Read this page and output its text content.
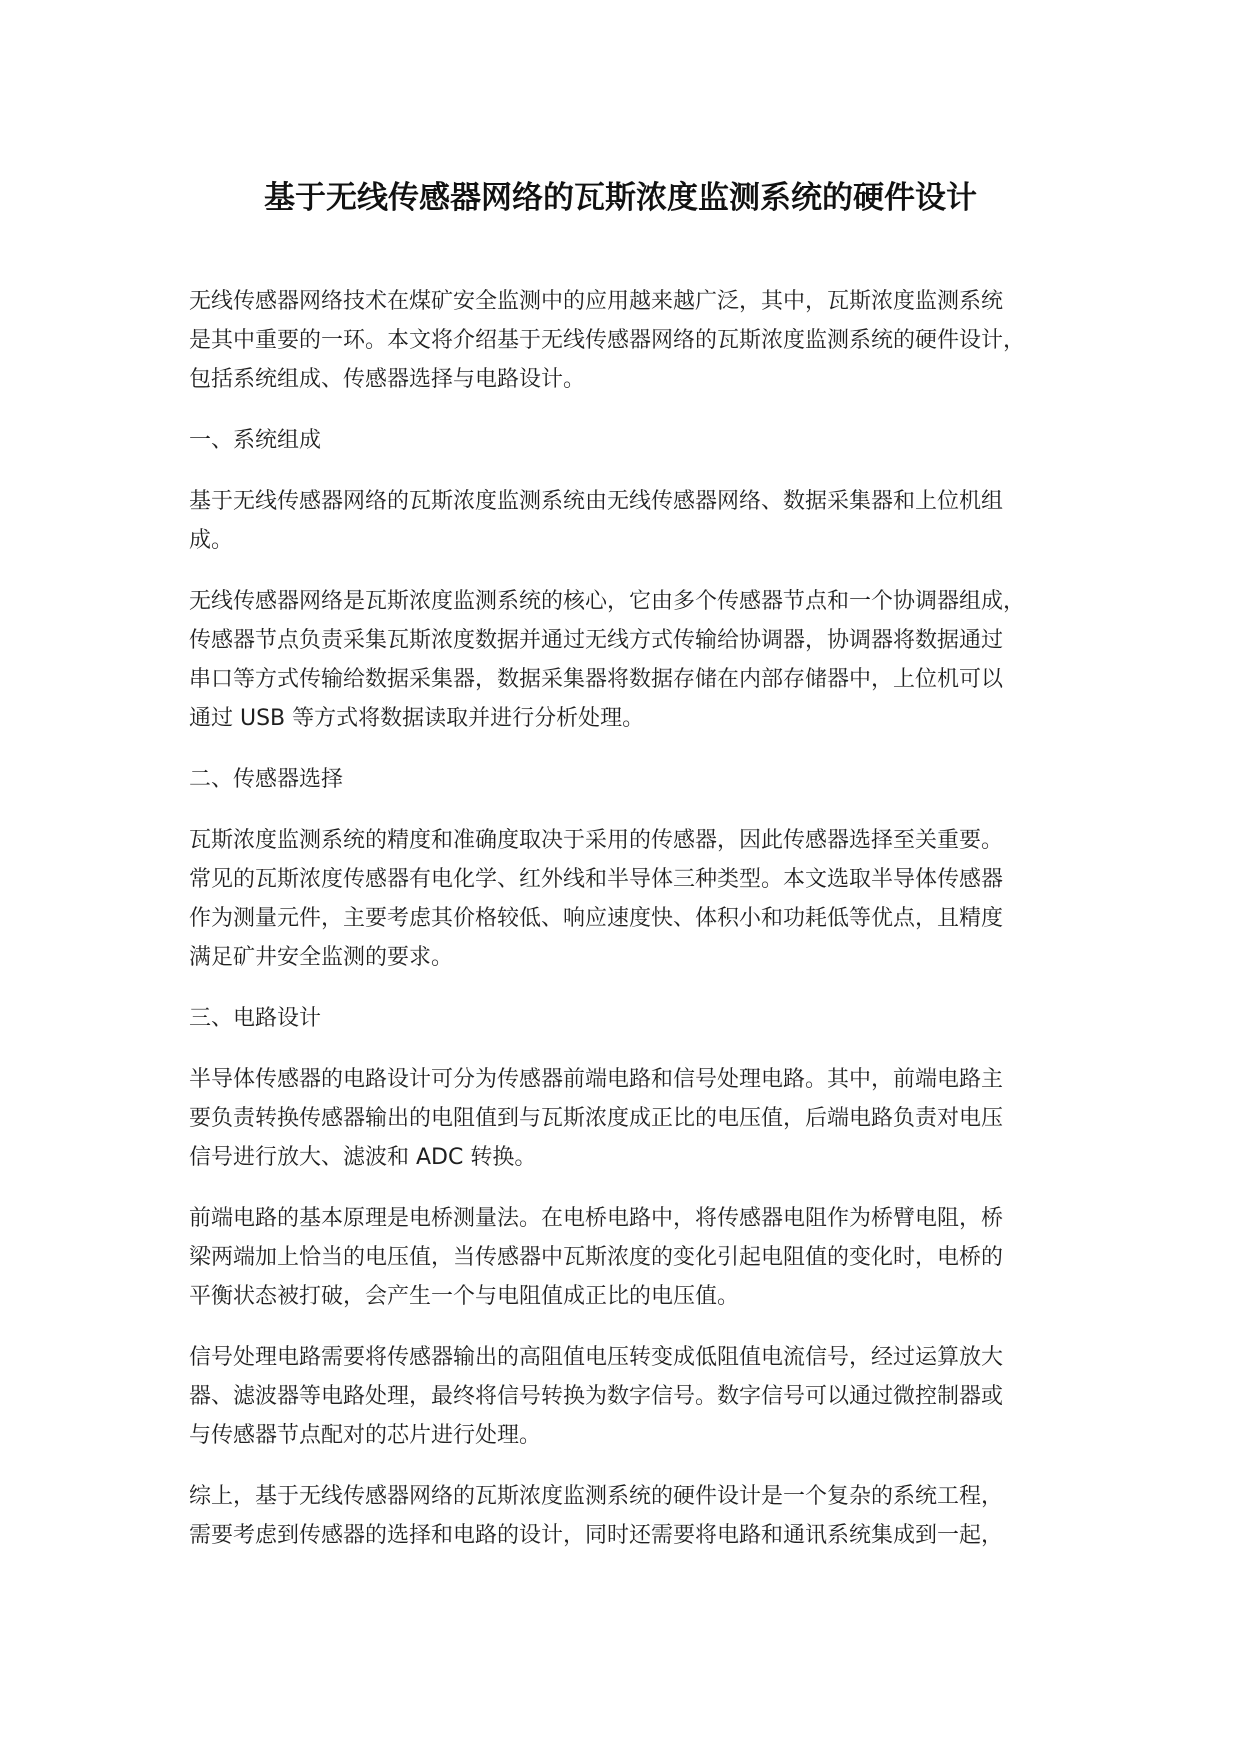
基于无线传感器网络的瓦斯浓度监测系统的硬件设计

无线传感器网络技术在煤矿安全监测中的应用越来越广泛，其中，瓦斯浓度监测系统
是其中重要的一环。本文将介绍基于无线传感器网络的瓦斯浓度监测系统的硬件设计，
包括系统组成、传感器选择与电路设计。

一、系统组成

基于无线传感器网络的瓦斯浓度监测系统由无线传感器网络、数据采集器和上位机组
成。

无线传感器网络是瓦斯浓度监测系统的核心，它由多个传感器节点和一个协调器组成，
传感器节点负责采集瓦斯浓度数据并通过无线方式传输给协调器，协调器将数据通过
串口等方式传输给数据采集器，数据采集器将数据存储在内部存储器中，上位机可以
通过 USB 等方式将数据读取并进行分析处理。

二、传感器选择

瓦斯浓度监测系统的精度和准确度取决于采用的传感器，因此传感器选择至关重要。
常见的瓦斯浓度传感器有电化学、红外线和半导体三种类型。本文选取半导体传感器
作为测量元件，主要考虑其价格较低、响应速度快、体积小和功耗低等优点，且精度
满足矿井安全监测的要求。

三、电路设计

半导体传感器的电路设计可分为传感器前端电路和信号处理电路。其中，前端电路主
要负责转换传感器输出的电阻值到与瓦斯浓度成正比的电压值，后端电路负责对电压
信号进行放大、滤波和 ADC 转换。

前端电路的基本原理是电桥测量法。在电桥电路中，将传感器电阻作为桥臂电阻，桥
梁两端加上恰当的电压值，当传感器中瓦斯浓度的变化引起电阻值的变化时，电桥的
平衡状态被打破，会产生一个与电阻值成正比的电压值。

信号处理电路需要将传感器输出的高阻值电压转变成低阻值电流信号，经过运算放大
器、滤波器等电路处理，最终将信号转换为数字信号。数字信号可以通过微控制器或
与传感器节点配对的芯片进行处理。

综上，基于无线传感器网络的瓦斯浓度监测系统的硬件设计是一个复杂的系统工程，
需要考虑到传感器的选择和电路的设计，同时还需要将电路和通讯系统集成到一起，
